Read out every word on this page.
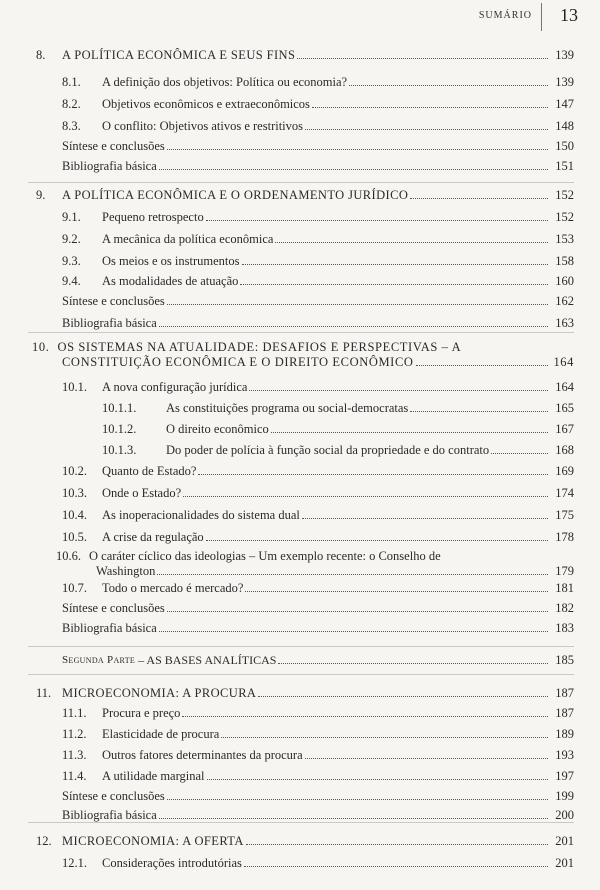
SUMÁRIO 13
8.	A POLÍTICA ECONÔMICA E SEUS FINS	139
8.1.	A definição dos objetivos: Política ou economia?	139
8.2.	Objetivos econômicos e extraeconômicos	147
8.3.	O conflito: Objetivos ativos e restritivos	148
Síntese e conclusões	150
Bibliografia básica	151
9.	A POLÍTICA ECONÔMICA E O ORDENAMENTO JURÍDICO	152
9.1.	Pequeno retrospecto	152
9.2.	A mecânica da política econômica	153
9.3.	Os meios e os instrumentos	158
9.4.	As modalidades de atuação	160
Síntese e conclusões	162
Bibliografia básica	163
10. OS SISTEMAS NA ATUALIDADE: DESAFIOS E PERSPECTIVAS – A
CONSTITUIÇÃO ECONÔMICA E O DIREITO ECONÔMICO	164
10.1.	A nova configuração jurídica	164
10.1.1.	As constituições programa ou social-democratas	165
10.1.2.	O direito econômico	167
10.1.3.	Do poder de polícia à função social da propriedade e do contrato	168
10.2.	Quanto de Estado?	169
10.3.	Onde o Estado?	174
10.4.	As inoperacionalidades do sistema dual	175
10.5.	A crise da regulação	178
10.6. O caráter cíclico das ideologias – Um exemplo recente: o Conselho de
Washington	179
10.7.	Todo o mercado é mercado?	181
Síntese e conclusões	182
Bibliografia básica	183
Segunda Parte – AS BASES ANALÍTICAS	185
11. MICROECONOMIA: A PROCURA	187
11.1.	Procura e preço	187
11.2.	Elasticidade de procura	189
11.3.	Outros fatores determinantes da procura	193
11.4.	A utilidade marginal	197
Síntese e conclusões	199
Bibliografia básica	200
12. MICROECONOMIA: A OFERTA	201
12.1.	Considerações introdutórias	201
